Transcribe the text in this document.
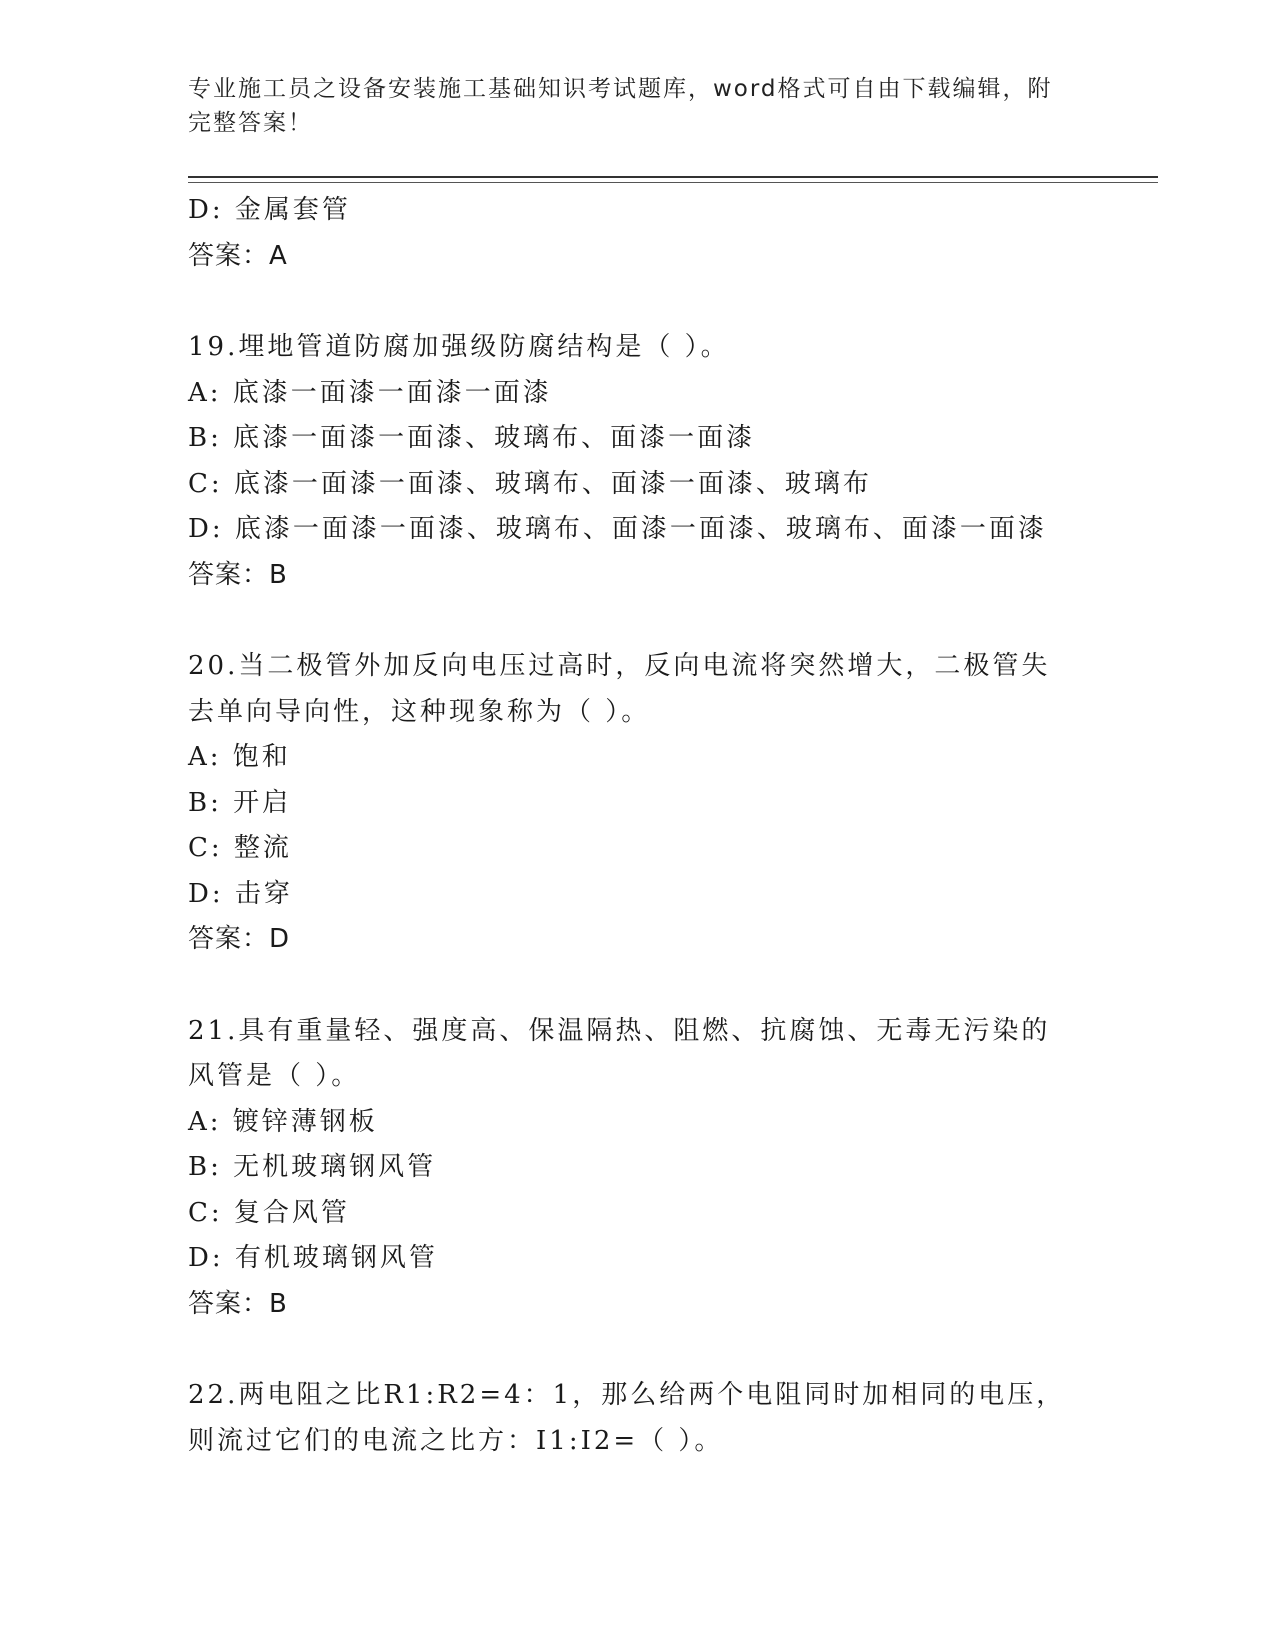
专业施工员之设备安装施工基础知识考试题库，word格式可自由下载编辑，附完整答案！
D: 金属套管
答案：A
19.埋地管道防腐加强级防腐结构是（ ）。
A: 底漆一面漆一面漆一面漆
B: 底漆一面漆一面漆、玻璃布、面漆一面漆
C: 底漆一面漆一面漆、玻璃布、面漆一面漆、玻璃布
D: 底漆一面漆一面漆、玻璃布、面漆一面漆、玻璃布、面漆一面漆
答案：B
20.当二极管外加反向电压过高时，反向电流将突然增大，二极管失去单向导向性，这种现象称为（ ）。
A: 饱和
B: 开启
C: 整流
D: 击穿
答案：D
21.具有重量轻、强度高、保温隔热、阻燃、抗腐蚀、无毒无污染的风管是（ ）。
A: 镀锌薄钢板
B: 无机玻璃钢风管
C: 复合风管
D: 有机玻璃钢风管
答案：B
22.两电阻之比R1:R2=4：1，那么给两个电阻同时加相同的电压，则流过它们的电流之比方：I1:I2=（ ）。
